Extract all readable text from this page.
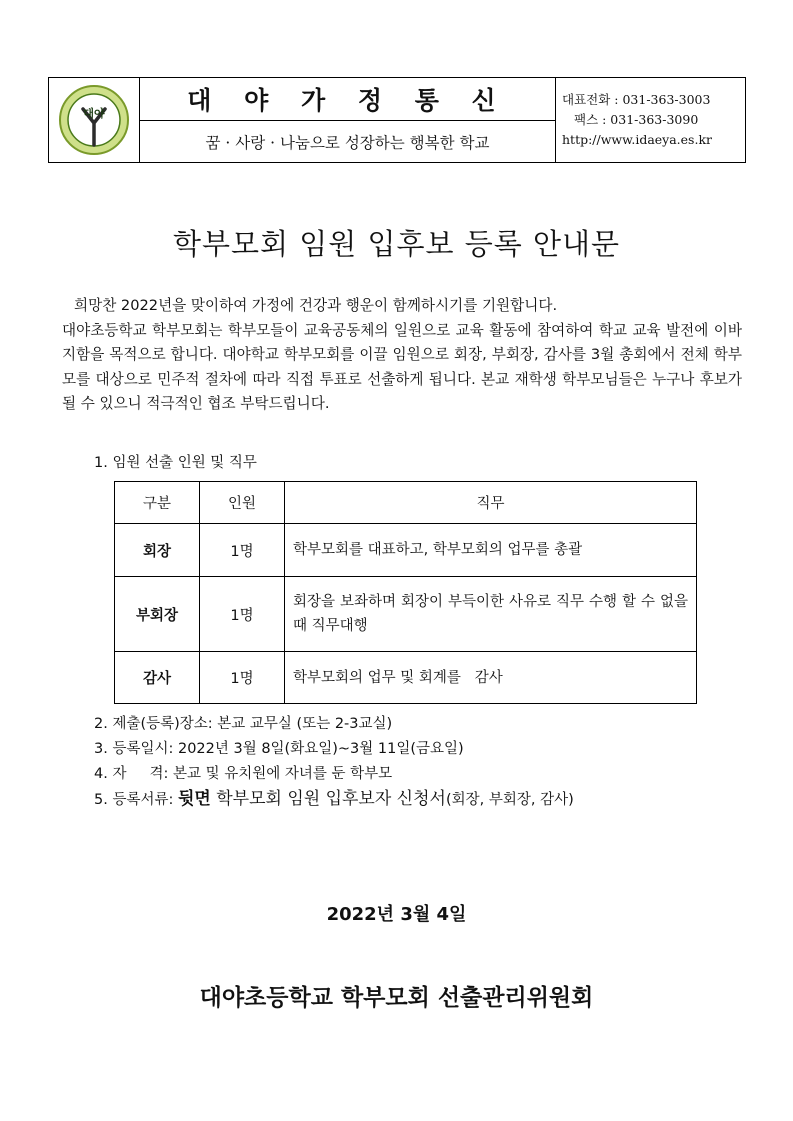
대야	대 야 가 정 통 신
꿈 · 사랑 · 나눔으로 성장하는 행복한 학교
대표전화 : 031-363-3003
팩스 : 031-363-3090
http://www.idaeya.es.kr
학부모회 임원 입후보 등록 안내문

희망찬 2022년을 맞이하여 가정에 건강과 행운이 함께하시기를 기원합니다.

대야초등학교 학부모회는 학부모들이 교육공동체의 일원으로 교육 활동에 참여하여 학교 교육 발전에 이바지함을 목적으로 합니다. 대야학교 학부모회를 이끌 임원으로 회장, 부회장, 감사를 3월 총회에서 전체 학부모를 대상으로 민주적 절차에 따라 직접 투표로 선출하게 됩니다. 본교 재학생 학부모님들은 누구나 후보가 될 수 있으니 적극적인 협조 부탁드립니다.

1. 임원 선출 인원 및 직무
구분	인원	직무
회장	1명	학부모회를 대표하고, 학부모회의 업무를 총괄
부회장	1명	회장을 보좌하며 회장이 부득이한 사유로 직무 수행 할 수 없을 때 직무대행
감사	1명	학부모회의 업무 및 회계를   감사
2. 제출(등록)장소: 본교 교무실 (또는 2-3교실)
3. 등록일시: 2022년 3월 8일(화요일)~3월 11일(금요일)
4. 자     격: 본교 및 유치원에 자녀를 둔 학부모
5. 등록서류: 뒷면 학부모회 임원 입후보자 신청서(회장, 부회장, 감사)
2022년 3월 4일
대야초등학교 학부모회 선출관리위원회
